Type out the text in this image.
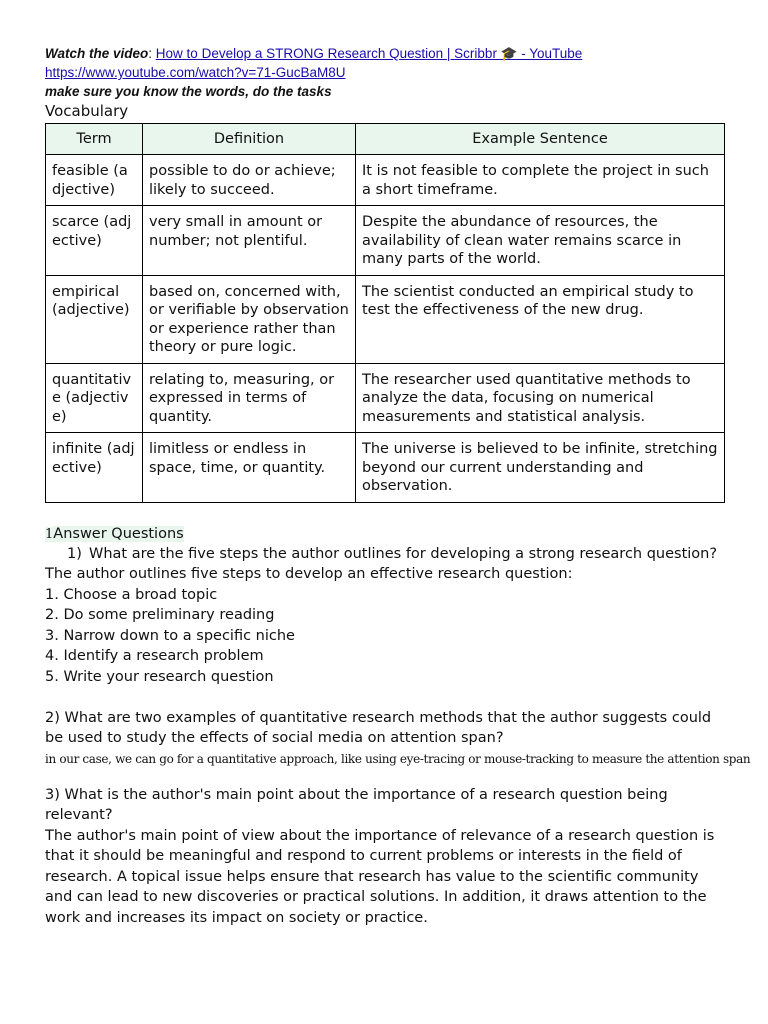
Watch the video: How to Develop a STRONG Research Question | Scribbr 🎓 - YouTube
https://www.youtube.com/watch?v=71-GucBaM8U
make sure you know the words, do the tasks
Vocabulary
Term	Definition	Example Sentence
feasible (adjective)	possible to do or achieve; likely to succeed.	It is not feasible to complete the project in such a short timeframe.
scarce (adjective)	very small in amount or number; not plentiful.	Despite the abundance of resources, the availability of clean water remains scarce in many parts of the world.
empirical (adjective)	based on, concerned with, or verifiable by observation or experience rather than theory or pure logic.	The scientist conducted an empirical study to test the effectiveness of the new drug.
quantitative (adjective)	relating to, measuring, or expressed in terms of quantity.	The researcher used quantitative methods to analyze the data, focusing on numerical measurements and statistical analysis.
infinite (adjective)	limitless or endless in space, time, or quantity.	The universe is believed to be infinite, stretching beyond our current understanding and observation.
1Answer Questions
1) What are the five steps the author outlines for developing a strong research question?
The author outlines five steps to develop an effective research question:
1. Choose a broad topic
2. Do some preliminary reading
3. Narrow down to a specific niche
4. Identify a research problem
5. Write your research question
2) What are two examples of quantitative research methods that the author suggests could be used to study the effects of social media on attention span?
in our case, we can go for a quantitative approach, like using eye-tracing or mouse-tracking to measure the attention span
3) What is the author's main point about the importance of a research question being relevant?
The author's main point of view about the importance of relevance of a research question is that it should be meaningful and respond to current problems or interests in the field of research. A topical issue helps ensure that research has value to the scientific community and can lead to new discoveries or practical solutions. In addition, it draws attention to the work and increases its impact on society or practice.
